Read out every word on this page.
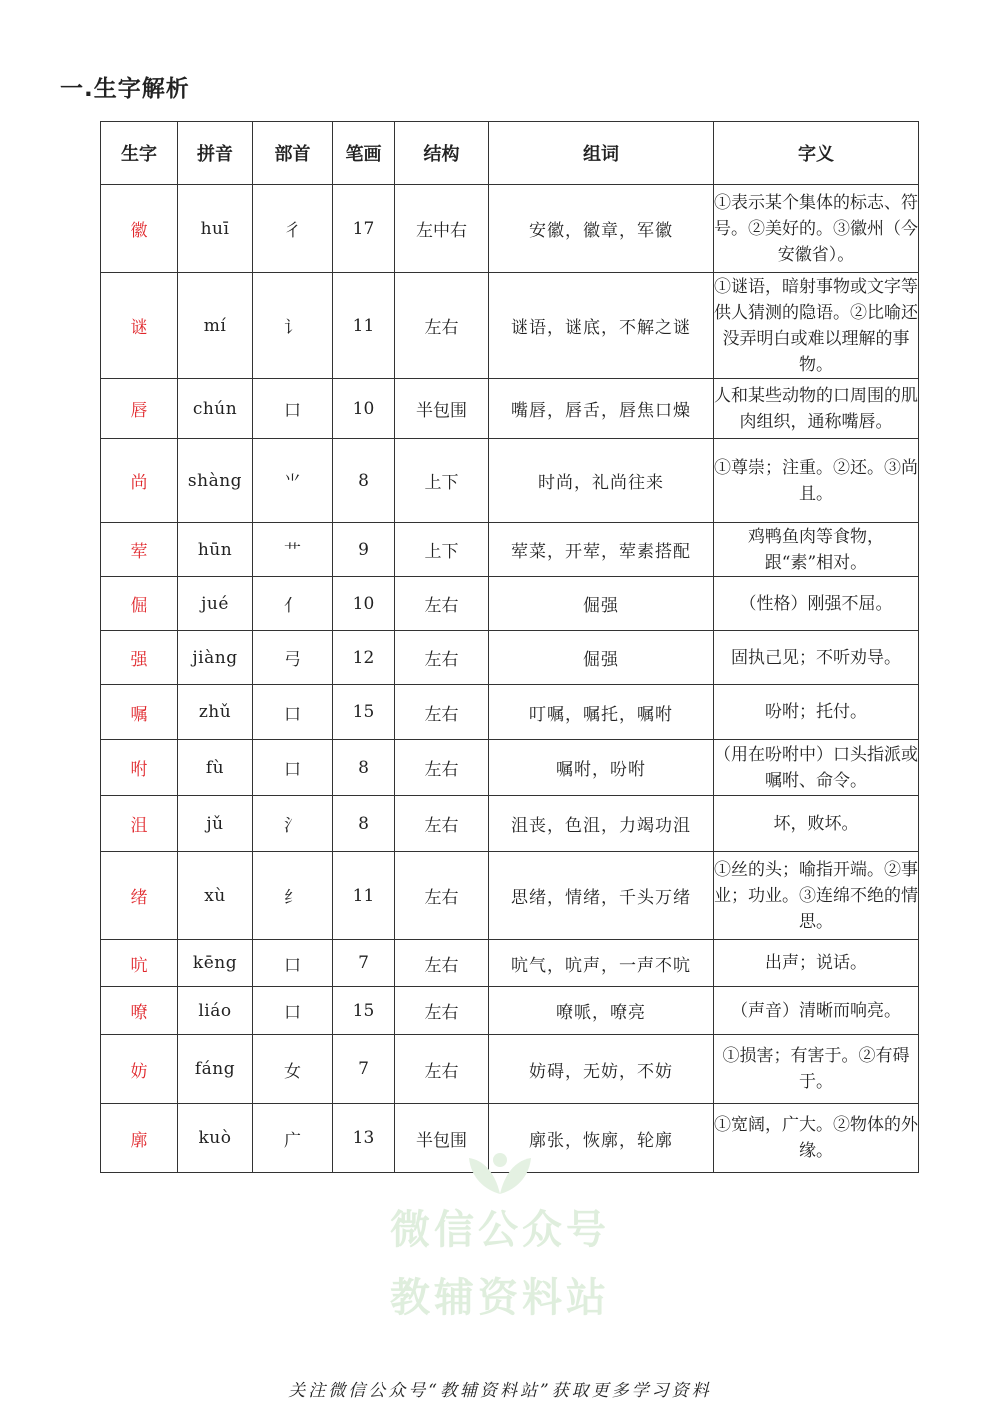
一.生字解析
生字	拼音	部首	笔画	结构	组词	字义
徽	huī	彳	17	左中右	安徽，徽章，军徽	①表示某个集体的标志、符号。②美好的。③徽州（今安徽省）。
谜	mí	讠	11	左右	谜语，谜底，不解之谜	①谜语，暗射事物或文字等供人猜测的隐语。②比喻还没弄明白或难以理解的事物。
唇	chún	口	10	半包围	嘴唇，唇舌，唇焦口燥	人和某些动物的口周围的肌肉组织，通称嘴唇。
尚	shàng	⺌	8	上下	时尚，礼尚往来	①尊崇；注重。②还。③尚且。
荤	hūn	艹	9	上下	荤菜，开荤，荤素搭配	鸡鸭鱼肉等食物，跟“素”相对。
倔	jué	亻	10	左右	倔强	（性格）刚强不屈。
强	jiàng	弓	12	左右	倔强	固执己见；不听劝导。
嘱	zhǔ	口	15	左右	叮嘱，嘱托，嘱咐	吩咐；托付。
咐	fù	口	8	左右	嘱咐，吩咐	（用在吩咐中）口头指派或嘱咐、命令。
沮	jǔ	氵	8	左右	沮丧，色沮，力竭功沮	坏，败坏。
绪	xù	纟	11	左右	思绪，情绪，千头万绪	①丝的头；喻指开端。②事业；功业。③连绵不绝的情思。
吭	kēng	口	7	左右	吭气，吭声，一声不吭	出声；说话。
嘹	liáo	口	15	左右	嘹哌，嘹亮	（声音）清晰而响亮。
妨	fáng	女	7	左右	妨碍，无妨，不妨	①损害；有害于。②有碍于。
廓	kuò	广	13	半包围	廓张，恢廓，轮廓	①宽阔，广大。②物体的外缘。
微信公众号
教辅资料站
关注微信公众号“教辅资料站”获取更多学习资料
